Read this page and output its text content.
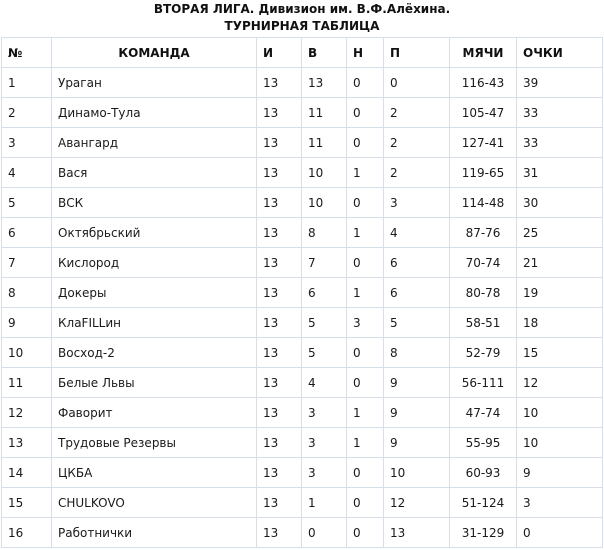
ВТОРАЯ ЛИГА. Дивизион им. В.Ф.Алёхина.
ТУРНИРНАЯ ТАБЛИЦА
№	КОМАНДА	И	В	Н	П	МЯЧИ	ОЧКИ
1	Ураган	13	13	0	0	116-43	39
2	Динамо-Тула	13	11	0	2	105-47	33
3	Авангард	13	11	0	2	127-41	33
4	Вася	13	10	1	2	119-65	31
5	ВСК	13	10	0	3	114-48	30
6	Октябрьский	13	8	1	4	87-76	25
7	Кислород	13	7	0	6	70-74	21
8	Докеры	13	6	1	6	80-78	19
9	КлаFILLин	13	5	3	5	58-51	18
10	Восход-2	13	5	0	8	52-79	15
11	Белые Львы	13	4	0	9	56-111	12
12	Фаворит	13	3	1	9	47-74	10
13	Трудовые Резервы	13	3	1	9	55-95	10
14	ЦКБА	13	3	0	10	60-93	9
15	CHULKOVO	13	1	0	12	51-124	3
16	Работнички	13	0	0	13	31-129	0
